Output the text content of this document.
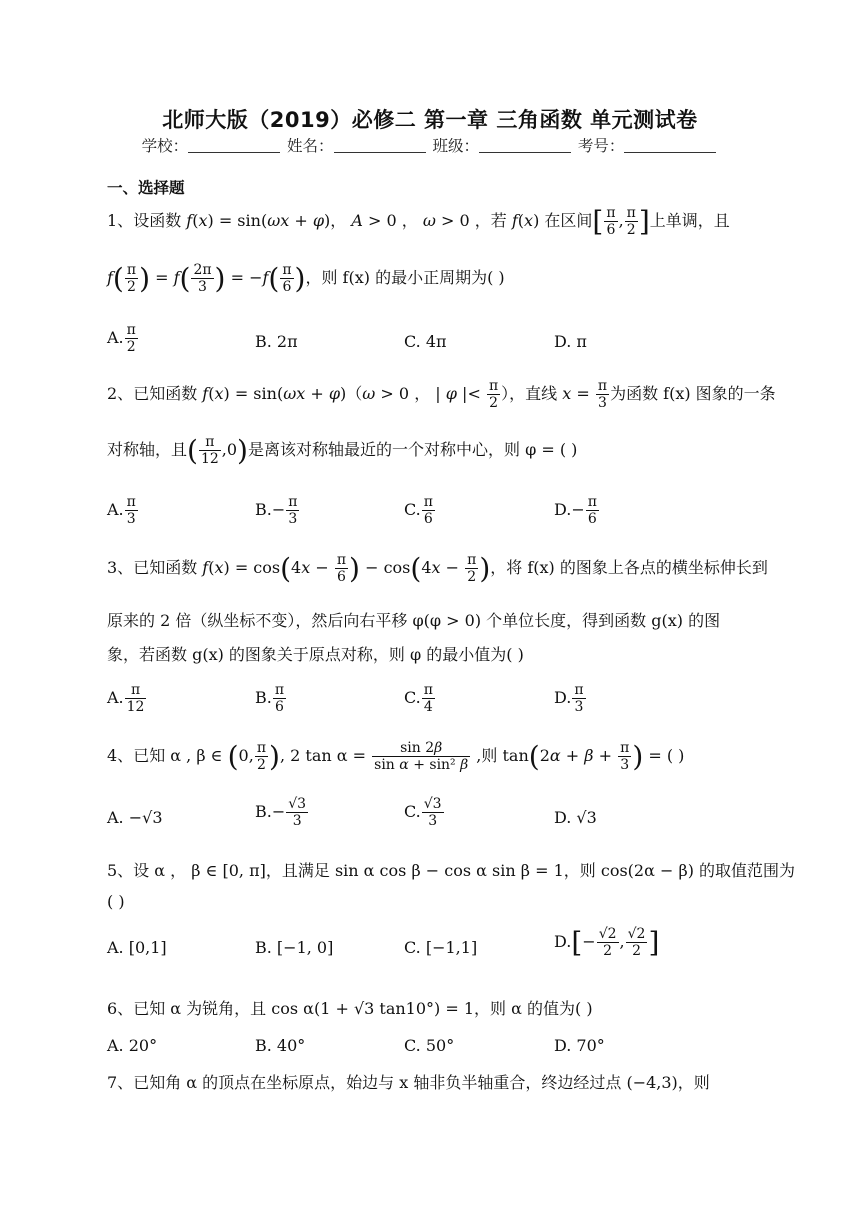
北师大版（2019）必修二 第一章 三角函数 单元测试卷
学校：	姓名：	班级：	考号：
一、选择题
1、设函数 f(x) = sin(ωx + φ)， A > 0 ， ω > 0 ，若 f(x) 在区间[ $\frac{\pi}{6}$ , $\frac{\pi}{2}$ ]上单调，且
$f( \frac{\pi}{2}$ ) = $f( \frac{2\pi}{3}$ ) = $-f( \frac{\pi}{6}$ )，则 f(x) 的最小正周期为( )
A. $\frac{\pi}{2}$	B. 2π	C. 4π	D. π
2、已知函数 f(x) = sin(ωx + φ)（ω > 0 ， | φ |< $\frac{\pi}{2}$ ），直线 $x = \frac{\pi}{3}$ 为函数 f(x) 图象的一条
对称轴，且( $\frac{\pi}{12} ,0$)是离该对称轴最近的一个对称中心，则 φ = ( )
A. $\frac{\pi}{3}$	$B.- \frac{\pi}{3}$	C. $\frac{\pi}{6}$	$D.- \frac{\pi}{6}$
3、已知函数 $f(x) = \cos(4x - \frac{\pi}{6}$ ) − $\cos(4x - \frac{\pi}{2}$ )，将 f(x) 的图象上各点的横坐标伸长到
原来的 2 倍（纵坐标不变），然后向右平移 φ(φ > 0) 个单位长度，得到函数 g(x) 的图
象，若函数 g(x) 的图象关于原点对称，则 φ 的最小值为( )
A. $\frac{\pi}{12}$	B. $\frac{\pi}{6}$	C. $\frac{\pi}{4}$	D. $\frac{\pi}{3}$
4、已知 α , β ∈ (0, $\frac{\pi}{2}$ ), 2 $\tan \alpha = \frac{\sin 2\beta}{\text{sin α + sin² β}}$ ,则 $\tan(2\alpha + \beta + \frac{\pi}{3}$ ) = ( )
A. −√3	$B.- \frac{√3}{3}$	C. $\frac{√3}{3}$	D. √3
5、设 α ， β ∈ [0, π]，且满足 sin α cos β − cos α sin β = 1，则 cos(2α − β) 的取值范围为
( )
A. [0,1]	B. [−1, 0]	C. [−1,1]	$D.[- \frac{√2}{2}$ , $\frac{√2}{2}$ ]
6、已知 α 为锐角，且 cos α(1 + √3 tan10°) = 1，则 α 的值为( )
A. 20°	B. 40°	C. 50°	D. 70°
7、已知角 α 的顶点在坐标原点，始边与 x 轴非负半轴重合，终边经过点 (−4,3)，则
